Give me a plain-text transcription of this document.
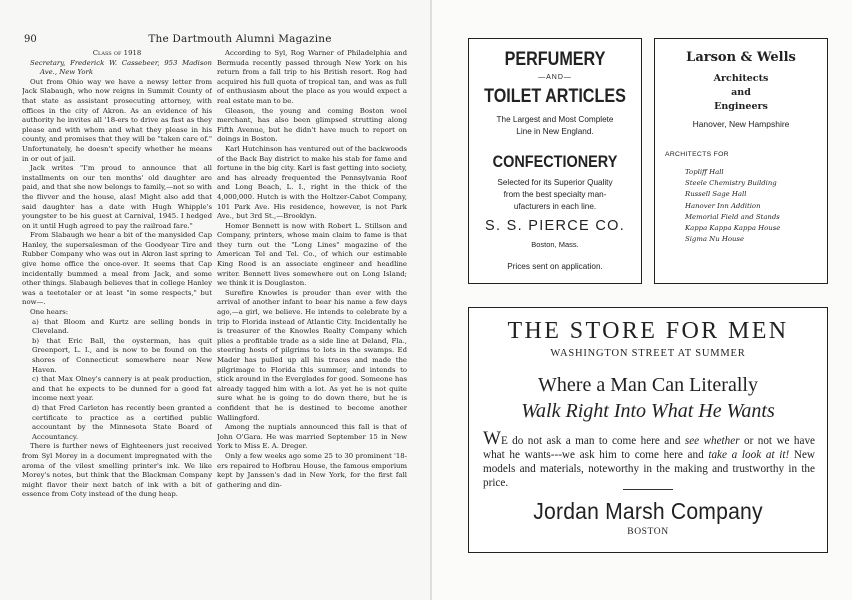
90	The Dartmouth Alumni Magazine

Class of 1918

Secretary, Frederick W. Cassebeer, 953 Madison Ave., New York

Out from Ohio way we have a newsy letter from Jack Slabaugh, who now reigns in Summit County of that state as assistant prosecuting attorney, with offices in the city of Akron. As an evidence of his authority he invites all '18-ers to drive as fast as they please and with whom and what they please in his county, and promises that they will be "taken care of." Unfortunately, he doesn't specify whether he means in or out of jail.

Jack writes "I'm proud to announce that all installments on our ten months' old daughter are paid, and that she now belongs to family,—not so with the flivver and the house, alas! Might also add that said daughter has a date with Hugh Whipple's youngster to be his guest at Carnival, 1945. I hedged on it until Hugh agreed to pay the railroad fare."

From Slabaugh we hear a bit of the manysided Cap Hanley, the supersalesman of the Goodyear Tire and Rubber Company who was out in Akron last spring to give home office the once-over. It seems that Cap incidentally bummed a meal from Jack, and some other things. Slabaugh believes that in college Hanley was a teetotaler or at least "in some respects," but now—.

One hears:

a) that Bloom and Kurtz are selling bonds in Cleveland.

b) that Eric Ball, the oysterman, has quit Greenport, L. I., and is now to be found on the shores of Connecticut somewhere near New Haven.

c) that Max Olney's cannery is at peak production, and that he expects to be dunned for a good fat income next year.

d) that Fred Carleton has recently been granted a certificate to practice as a certified public accountant by the Minnesota State Board of Accountancy.

There is further news of Eighteeners just received from Syl Morey in a document impregnated with the aroma of the vilest smelling printer's ink. We like Morey's notes, but think that the Blackman Company might flavor their next batch of ink with a bit of essence from Coty instead of the dung heap.

According to Syl, Rog Warner of Philadelphia and Bermuda recently passed through New York on his return from a fall trip to his British resort. Rog had acquired his full quota of tropical tan, and was as full of enthusiasm about the place as you would expect a real estate man to be.

Gleason, the young and coming Boston wool merchant, has also been glimpsed strutting along Fifth Avenue, but he didn't have much to report on doings in Boston.

Karl Hutchinson has ventured out of the backwoods of the Back Bay district to make his stab for fame and fortune in the big city. Karl is fast getting into society, and has already frequented the Pennsylvania Roof and Long Beach, L. I., right in the thick of the 4,000,000. Hutch is with the Holtzer-Cabot Company, 101 Park Ave. His residence, however, is not Park Ave., but 3rd St.,—Brooklyn.

Homer Bennett is now with Robert L. Stillson and Company, printers, whose main claim to fame is that they turn out the "Long Lines" magazine of the American Tel and Tel. Co., of which our estimable King Rood is an associate engineer and headline writer. Bennett lives somewhere out on Long Island; we think it is Douglaston.

Surefire Knowles is prouder than ever with the arrival of another infant to bear his name a few days ago,—a girl, we believe. He intends to celebrate by a trip to Florida instead of Atlantic City. Incidentally he is treasurer of the Knowles Realty Company which plies a profitable trade as a side line at Deland, Fla., steering hosts of pilgrims to lots in the swamps. Ed Mader has pulled up all his traces and made the pilgrimage to Florida this summer, and intends to stick around in the Everglades for good. Someone has already tagged him with a lot. As yet he is not quite sure what he is going to do down there, but he is confident that he is destined to become another Wallingford.

Among the nuptials announced this fall is that of John O'Gara. He was married September 15 in New York to Miss E. A. Dreger.

Only a few weeks ago some 25 to 30 prominent '18-ers repaired to Hofbrau House, the famous emporium kept by Janssen's dad in New York, for the first fall gathering and din-

PERFUMERY
—AND—
TOILET ARTICLES
The Largest and Most Complete
Line in New England.
CONFECTIONERY
Selected for its Superior Quality
from the best specialty man-
ufacturers in each line.
S. S. PIERCE CO.
Boston, Mass.
Prices sent on application.
Larson & Wells
Architects
and
Engineers
Hanover, New Hampshire
ARCHITECTS FOR
Topliff Hall
Steele Chemistry Building
Russell Sage Hall
Hanover Inn Addition
Memorial Field and Stands
Kappa Kappa Kappa House
Sigma Nu House
THE STORE FOR MEN
WASHINGTON STREET AT SUMMER
Where a Man Can Literally
Walk Right Into What He Wants
WE do not ask a man to come here and see whether or not we have what he wants---we ask him to come here and take a look at it! New models and materials, noteworthy in the making and trustworthy in the price.
Jordan Marsh Company
BOSTON
